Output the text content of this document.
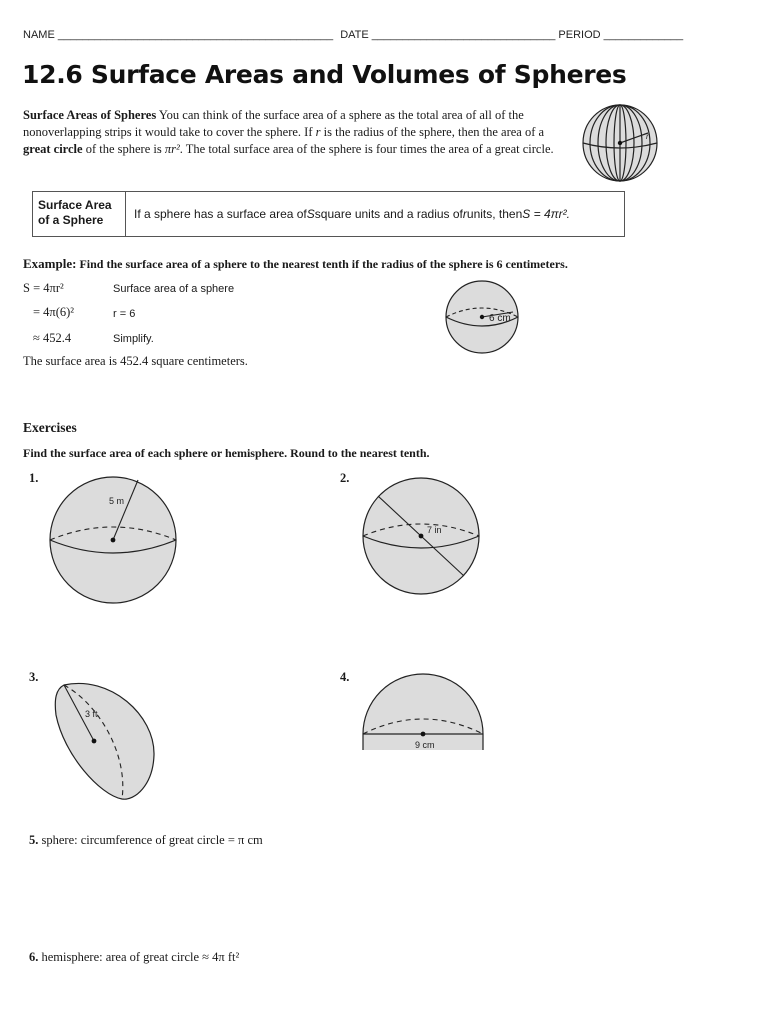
NAME _____________________________________________ DATE ______________________________ PERIOD _____________
12.6 Surface Areas and Volumes of Spheres
Surface Areas of Spheres You can think of the surface area of a sphere as the total area of all of the nonoverlapping strips it would take to cover the sphere. If r is the radius of the sphere, then the area of a great circle of the sphere is πr². The total surface area of the sphere is four times the area of a great circle.
r
Surface Area of a Sphere	If a sphere has a surface area of S square units and a radius of r units, then S = 4πr².
Example: Find the surface area of a sphere to the nearest tenth if the radius of the sphere is 6 centimeters.
S = 4πr²	Surface area of a sphere
= 4π(6)²	r = 6
≈ 452.4	Simplify.
The surface area is 452.4 square centimeters.
6 cm
Exercises
Find the surface area of each sphere or hemisphere. Round to the nearest tenth.
1.
5 m
2.
7 in
3.
3 ft
4.
9 cm
5. sphere: circumference of great circle = π cm
6. hemisphere: area of great circle ≈ 4π ft²
